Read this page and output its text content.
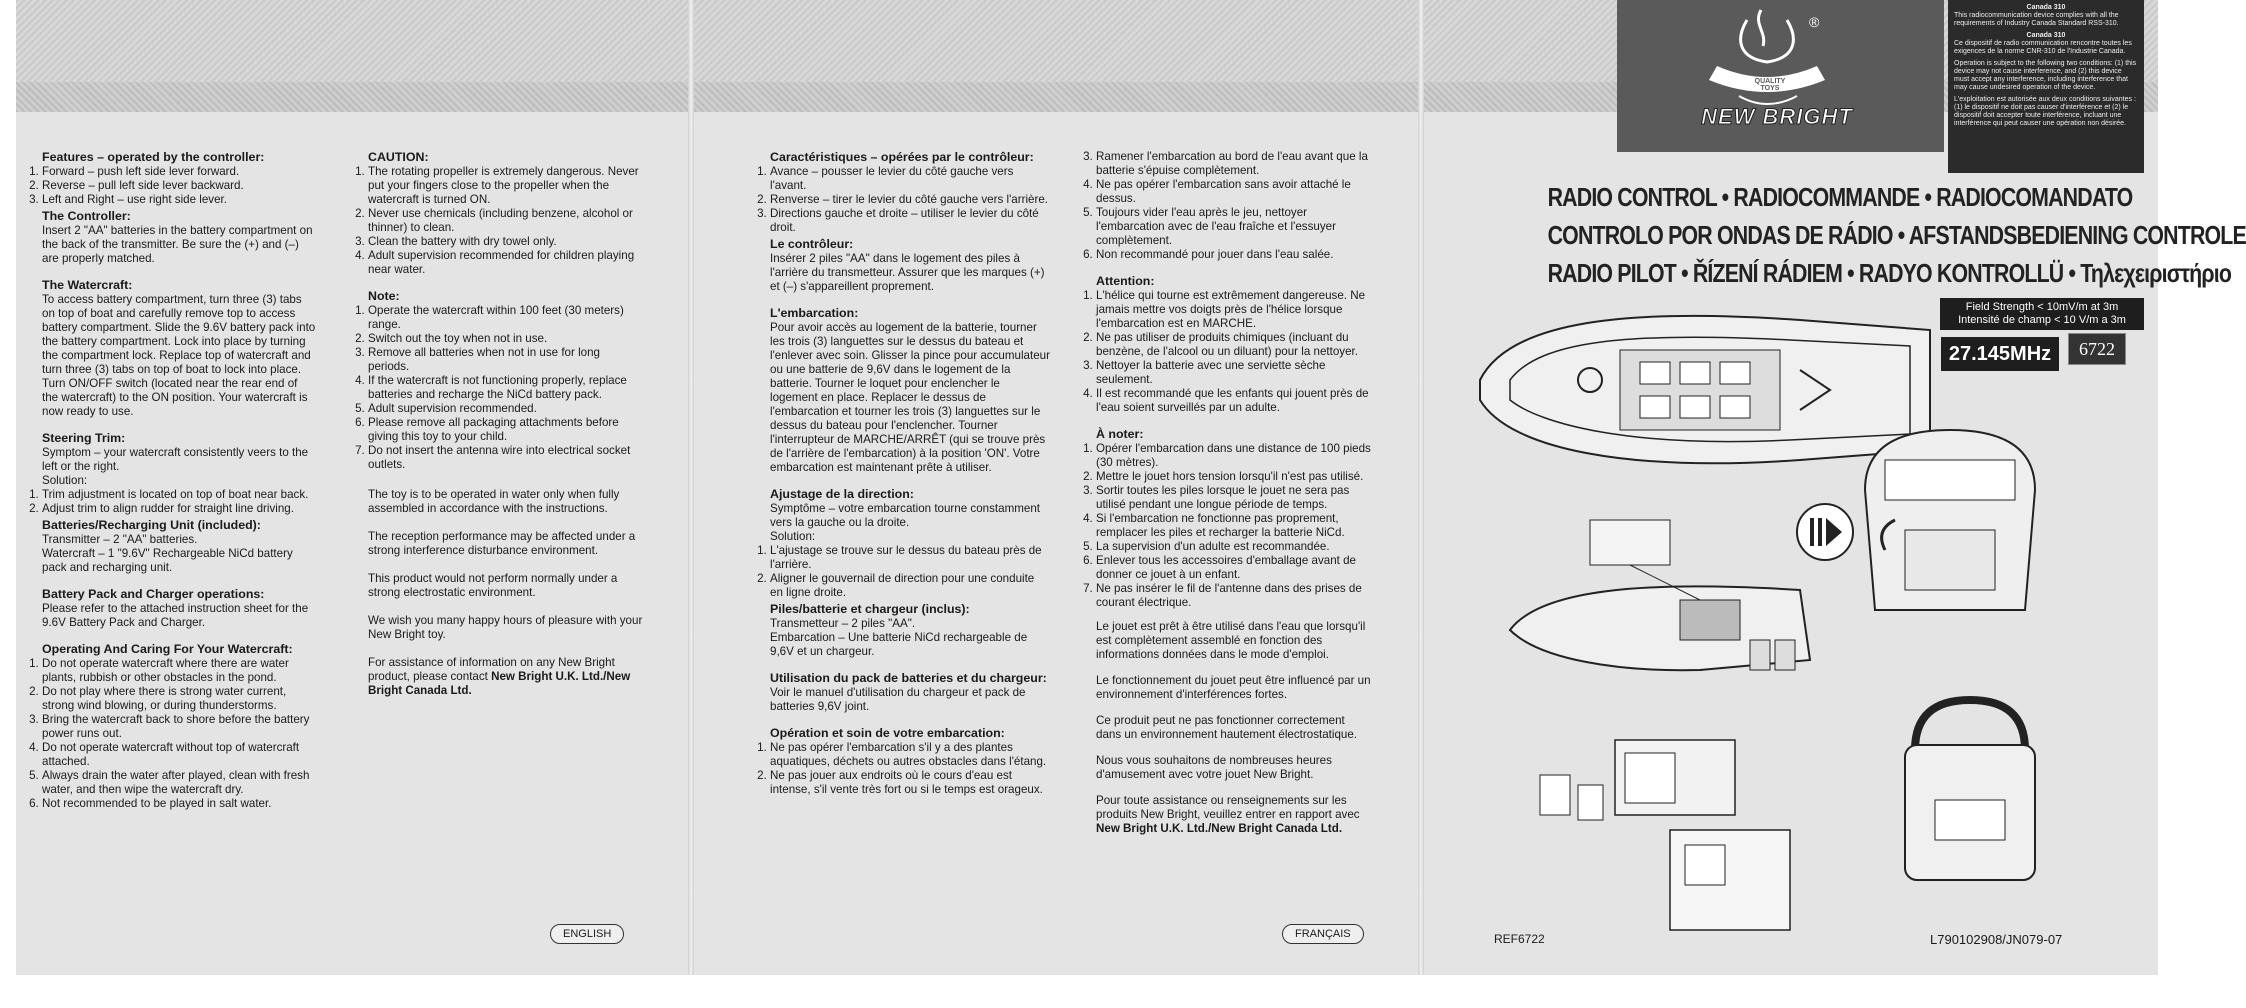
Features – operated by the controller:
1. Forward – push left side lever forward.
2. Reverse – pull left side lever backward.
3. Left and Right – use right side lever.
The Controller:

Insert 2 "AA" batteries in the battery compartment on the back of the transmitter. Be sure the (+) and (–) are properly matched.

The Watercraft:

To access battery compartment, turn three (3) tabs on top of boat and carefully remove top to access battery compartment. Slide the 9.6V battery pack into the battery compartment. Lock into place by turning the compartment lock. Replace top of watercraft and turn three (3) tabs on top of boat to lock into place. Turn ON/OFF switch (located near the rear end of the watercraft) to the ON position. Your watercraft is now ready to use.

Steering Trim:
Symptom – your watercraft consistently veers to the left or the right.
Solution:
1. Trim adjustment is located on top of boat near back.
2. Adjust trim to align rudder for straight line driving.
Batteries/Recharging Unit (included):
Transmitter – 2 "AA" batteries.

Watercraft – 1 "9.6V" Rechargeable NiCd battery pack and recharging unit.

Battery Pack and Charger operations:

Please refer to the attached instruction sheet for the 9.6V Battery Pack and Charger.

Operating And Caring For Your Watercraft:
1. Do not operate watercraft where there are water plants, rubbish or other obstacles in the pond.
2. Do not play where there is strong water current, strong wind blowing, or during thunderstorms.
3. Bring the watercraft back to shore before the battery power runs out.
4. Do not operate watercraft without top of watercraft attached.
5. Always drain the water after played, clean with fresh water, and then wipe the watercraft dry.
6. Not recommended to be played in salt water.
CAUTION:
1. The rotating propeller is extremely dangerous. Never put your fingers close to the propeller when the watercraft is turned ON.
2. Never use chemicals (including benzene, alcohol or thinner) to clean.
3. Clean the battery with dry towel only.
4. Adult supervision recommended for children playing near water.
Note:
1. Operate the watercraft within 100 feet (30 meters) range.
2. Switch out the toy when not in use.
3. Remove all batteries when not in use for long periods.
4. If the watercraft is not functioning properly, replace batteries and recharge the NiCd battery pack.
5. Adult supervision recommended.
6. Please remove all packaging attachments before giving this toy to your child.
7. Do not insert the antenna wire into electrical socket outlets.

The toy is to be operated in water only when fully assembled in accordance with the instructions.

The reception performance may be affected under a strong interference disturbance environment.

This product would not perform normally under a strong electrostatic environment.

We wish you many happy hours of pleasure with your New Bright toy.

For assistance of information on any New Bright product, please contact New Bright U.K. Ltd./New Bright Canada Ltd.

ENGLISH
Caractéristiques – opérées par le contrôleur:
1. Avance – pousser le levier du côté gauche vers l'avant.
2. Renverse – tirer le levier du côté gauche vers l'arrière.
3. Directions gauche et droite – utiliser le levier du côté droit.
Le contrôleur:

Insérer 2 piles "AA" dans le logement des piles à l'arrière du transmetteur. Assurer que les marques (+) et (–) s'appareillent proprement.

L'embarcation:

Pour avoir accès au logement de la batterie, tourner les trois (3) languettes sur le dessus du bateau et l'enlever avec soin. Glisser la pince pour accumulateur ou une batterie de 9,6V dans le logement de la batterie. Tourner le loquet pour enclencher le logement en place. Replacer le dessus de l'embarcation et tourner les trois (3) languettes sur le dessus du bateau pour l'enclencher. Tourner l'interrupteur de MARCHE/ARRÊT (qui se trouve près de l'arrière de l'embarcation) à la position 'ON'. Votre embarcation est maintenant prête à utiliser.

Ajustage de la direction:
Symptôme – votre embarcation tourne constamment vers la gauche ou la droite.
Solution:
1. L'ajustage se trouve sur le dessus du bateau près de l'arrière.
2. Aligner le gouvernail de direction pour une conduite en ligne droite.
Piles/batterie et chargeur (inclus):
Transmetteur – 2 piles "AA".

Embarcation – Une batterie NiCd rechargeable de 9,6V et un chargeur.

Utilisation du pack de batteries et du chargeur:

Voir le manuel d'utilisation du chargeur et pack de batteries 9,6V joint.

Opération et soin de votre embarcation:
1. Ne pas opérer l'embarcation s'il y a des plantes aquatiques, déchets ou autres obstacles dans l'étang.
2. Ne pas jouer aux endroits où le cours d'eau est intense, s'il vente très fort ou si le temps est orageux.
3. Ramener l'embarcation au bord de l'eau avant que la batterie s'épuise complètement.
4. Ne pas opérer l'embarcation sans avoir attaché le dessus.
5. Toujours vider l'eau après le jeu, nettoyer l'embarcation avec de l'eau fraîche et l'essuyer complètement.
6. Non recommandé pour jouer dans l'eau salée.
Attention:
1. L'hélice qui tourne est extrêmement dangereuse. Ne jamais mettre vos doigts près de l'hélice lorsque l'embarcation est en MARCHE.
2. Ne pas utiliser de produits chimiques (incluant du benzène, de l'alcool ou un diluant) pour la nettoyer.
3. Nettoyer la batterie avec une serviette sèche seulement.
4. Il est recommandé que les enfants qui jouent près de l'eau soient surveillés par un adulte.
À noter:
1. Opérer l'embarcation dans une distance de 100 pieds (30 mètres).
2. Mettre le jouet hors tension lorsqu'il n'est pas utilisé.
3. Sortir toutes les piles lorsque le jouet ne sera pas utilisé pendant une longue période de temps.
4. Si l'embarcation ne fonctionne pas proprement, remplacer les piles et recharger la batterie NiCd.
5. La supervision d'un adulte est recommandée.
6. Enlever tous les accessoires d'emballage avant de donner ce jouet à un enfant.
7. Ne pas insérer le fil de l'antenne dans des prises de courant électrique.

Le jouet est prêt à être utilisé dans l'eau que lorsqu'il est complètement assemblé en fonction des informations données dans le mode d'emploi.

Le fonctionnement du jouet peut être influencé par un environnement d'interférences fortes.

Ce produit peut ne pas fonctionner correctement dans un environnement hautement électrostatique.

Nous vous souhaitons de nombreuses heures d'amusement avec votre jouet New Bright.

Pour toute assistance ou renseignements sur les produits New Bright, veuillez entrer en rapport avec New Bright U.K. Ltd./New Bright Canada Ltd.

FRANÇAIS
QUALITY TOYS
®
NEW BRIGHT
Canada 310

This radiocommunication device complies with all the requirements of Industry Canada Standard RSS-310.

Canada 310

Ce dispositif de radio communication rencontre toutes les exigences de la norme CNR-310 de l'Industrie Canada.

Operation is subject to the following two conditions: (1) this device may not cause interference, and (2) this device must accept any interference, including interference that may cause undesired operation of the device.

L'exploitation est autorisée aux deux conditions suivantes : (1) le dispositif ne doit pas causer d'interférence et (2) le dispositif doit accepter toute interférence, incluant une interférence qui peut causer une opération non désirée.

RADIO CONTROL • RADIOCOMMANDE • RADIOCOMANDATO
CONTROLO POR ONDAS DE RÁDIO • AFSTANDSBEDIENING CONTROLE
RADIO PILOT • ŘÍZENÍ RÁDIEM • RADYO KONTROLLÜ • Τηλεχειριστήριο
Field Strength < 10mV/m at 3m
Intensité de champ < 10 V/m a 3m
27.145MHz	6722
REF6722	L790102908/JN079-07
